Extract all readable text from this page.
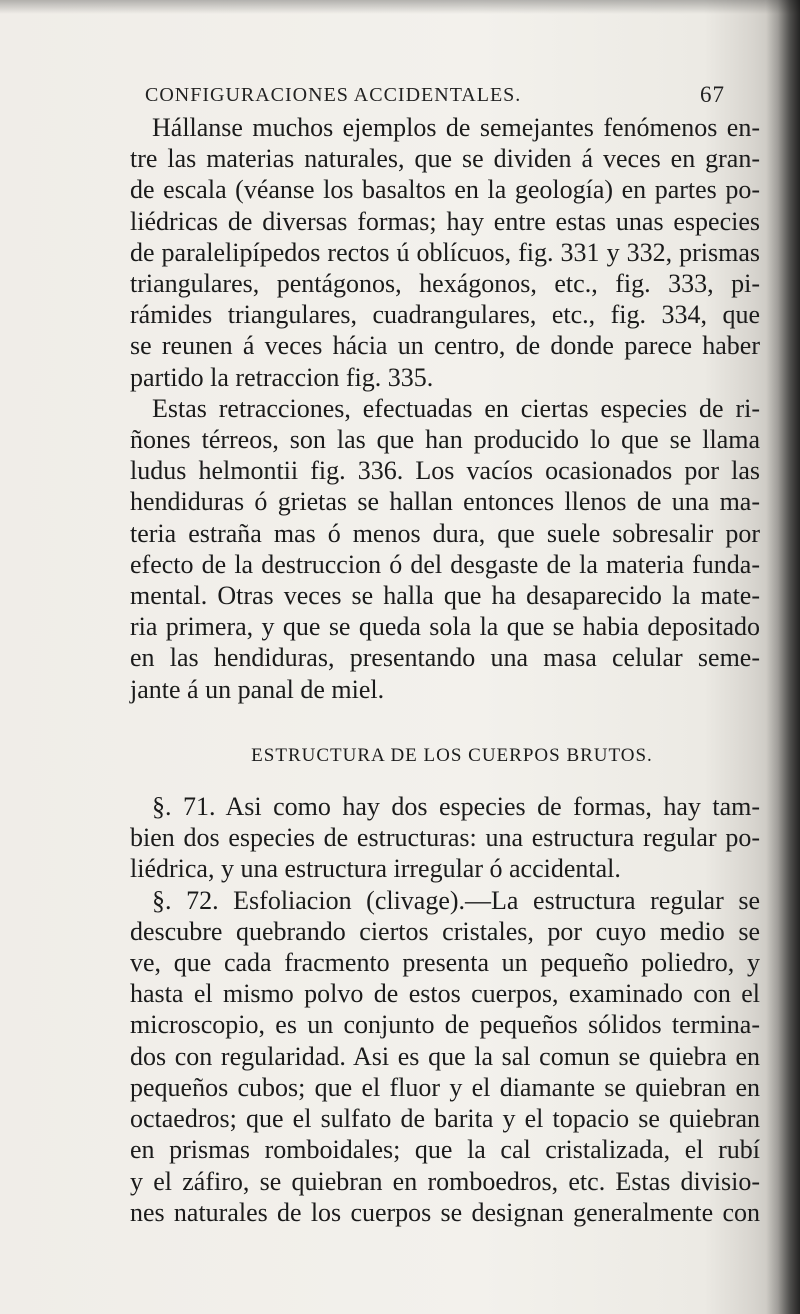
CONFIGURACIONES ACCIDENTALES.	67
Hállanse muchos ejemplos de semejantes fenómenos en-
tre las materias naturales, que se dividen á veces en gran-
de escala (véanse los basaltos en la geología) en partes po-
liédricas de diversas formas; hay entre estas unas especies
de paralelipípedos rectos ú oblícuos, fig. 331 y 332, prismas
triangulares, pentágonos, hexágonos, etc., fig. 333, pi-
rámides triangulares, cuadrangulares, etc., fig. 334, que
se reunen á veces hácia un centro, de donde parece haber
partido la retraccion fig. 335.
Estas retracciones, efectuadas en ciertas especies de ri-
ñones térreos, son las que han producido lo que se llama
ludus helmontii fig. 336. Los vacíos ocasionados por las
hendiduras ó grietas se hallan entonces llenos de una ma-
teria estraña mas ó menos dura, que suele sobresalir por
efecto de la destruccion ó del desgaste de la materia funda-
mental. Otras veces se halla que ha desaparecido la mate-
ria primera, y que se queda sola la que se habia depositado
en las hendiduras, presentando una masa celular seme-
jante á un panal de miel.
ESTRUCTURA DE LOS CUERPOS BRUTOS.
§. 71. Asi como hay dos especies de formas, hay tam-
bien dos especies de estructuras: una estructura regular po-
liédrica, y una estructura irregular ó accidental.
§. 72. Esfoliacion (clivage).—La estructura regular se
descubre quebrando ciertos cristales, por cuyo medio se
ve, que cada fracmento presenta un pequeño poliedro, y
hasta el mismo polvo de estos cuerpos, examinado con el
microscopio, es un conjunto de pequeños sólidos termina-
dos con regularidad. Asi es que la sal comun se quiebra en
pequeños cubos; que el fluor y el diamante se quiebran en
octaedros; que el sulfato de barita y el topacio se quiebran
en prismas romboidales; que la cal cristalizada, el rubí
y el záfiro, se quiebran en romboedros, etc. Estas divisio-
nes naturales de los cuerpos se designan generalmente con
